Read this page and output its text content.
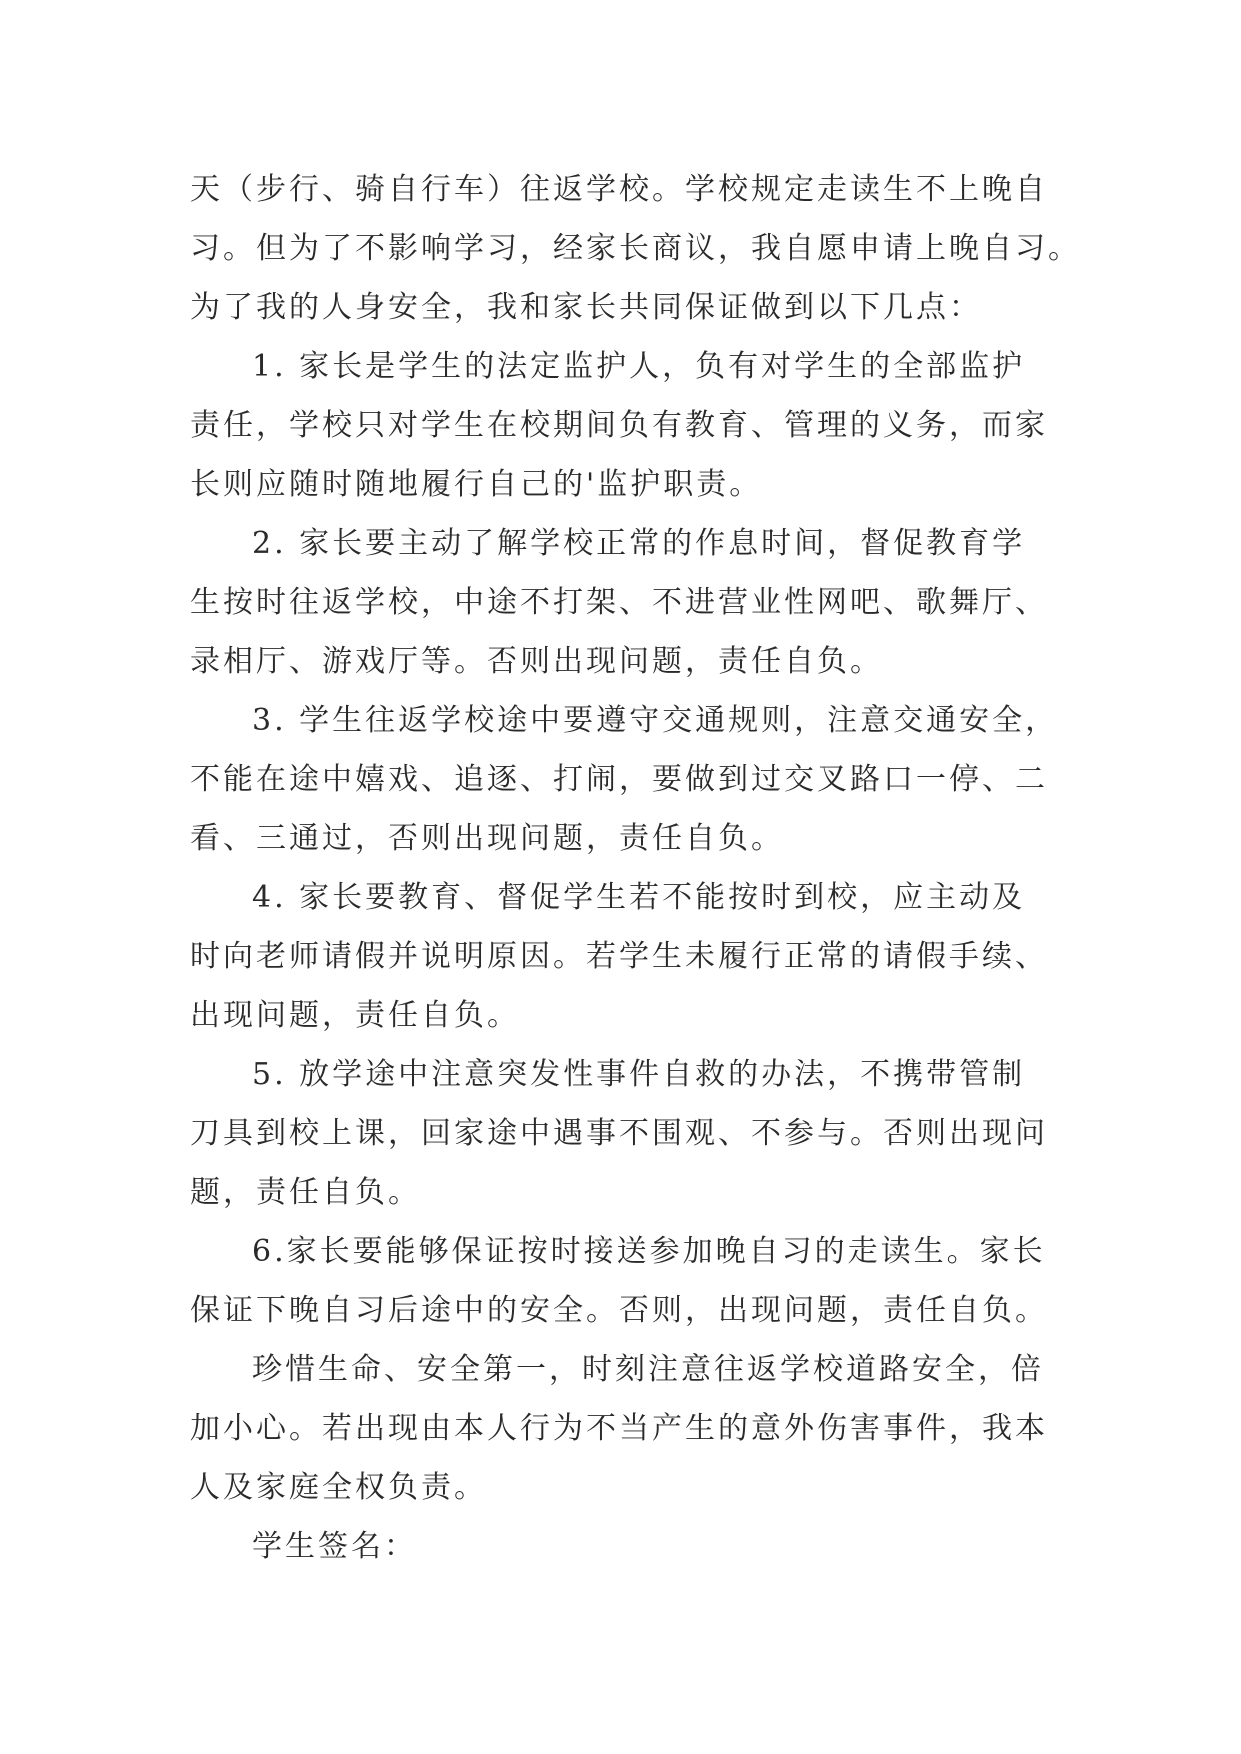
天（步行、骑自行车）往返学校。学校规定走读生不上晚自
习。但为了不影响学习，经家长商议，我自愿申请上晚自习。
为了我的人身安全，我和家长共同保证做到以下几点：
1. 家长是学生的法定监护人，负有对学生的全部监护
责任，学校只对学生在校期间负有教育、管理的义务，而家
长则应随时随地履行自己的'监护职责。
2. 家长要主动了解学校正常的作息时间，督促教育学
生按时往返学校，中途不打架、不进营业性网吧、歌舞厅、
录相厅、游戏厅等。否则出现问题，责任自负。
3. 学生往返学校途中要遵守交通规则，注意交通安全，
不能在途中嬉戏、追逐、打闹，要做到过交叉路口一停、二
看、三通过，否则出现问题，责任自负。
4. 家长要教育、督促学生若不能按时到校，应主动及
时向老师请假并说明原因。若学生未履行正常的请假手续、
出现问题，责任自负。
5. 放学途中注意突发性事件自救的办法，不携带管制
刀具到校上课，回家途中遇事不围观、不参与。否则出现问
题，责任自负。
6.家长要能够保证按时接送参加晚自习的走读生。家长
保证下晚自习后途中的安全。否则，出现问题，责任自负。
珍惜生命、安全第一，时刻注意往返学校道路安全，倍
加小心。若出现由本人行为不当产生的意外伤害事件，我本
人及家庭全权负责。
学生签名：
